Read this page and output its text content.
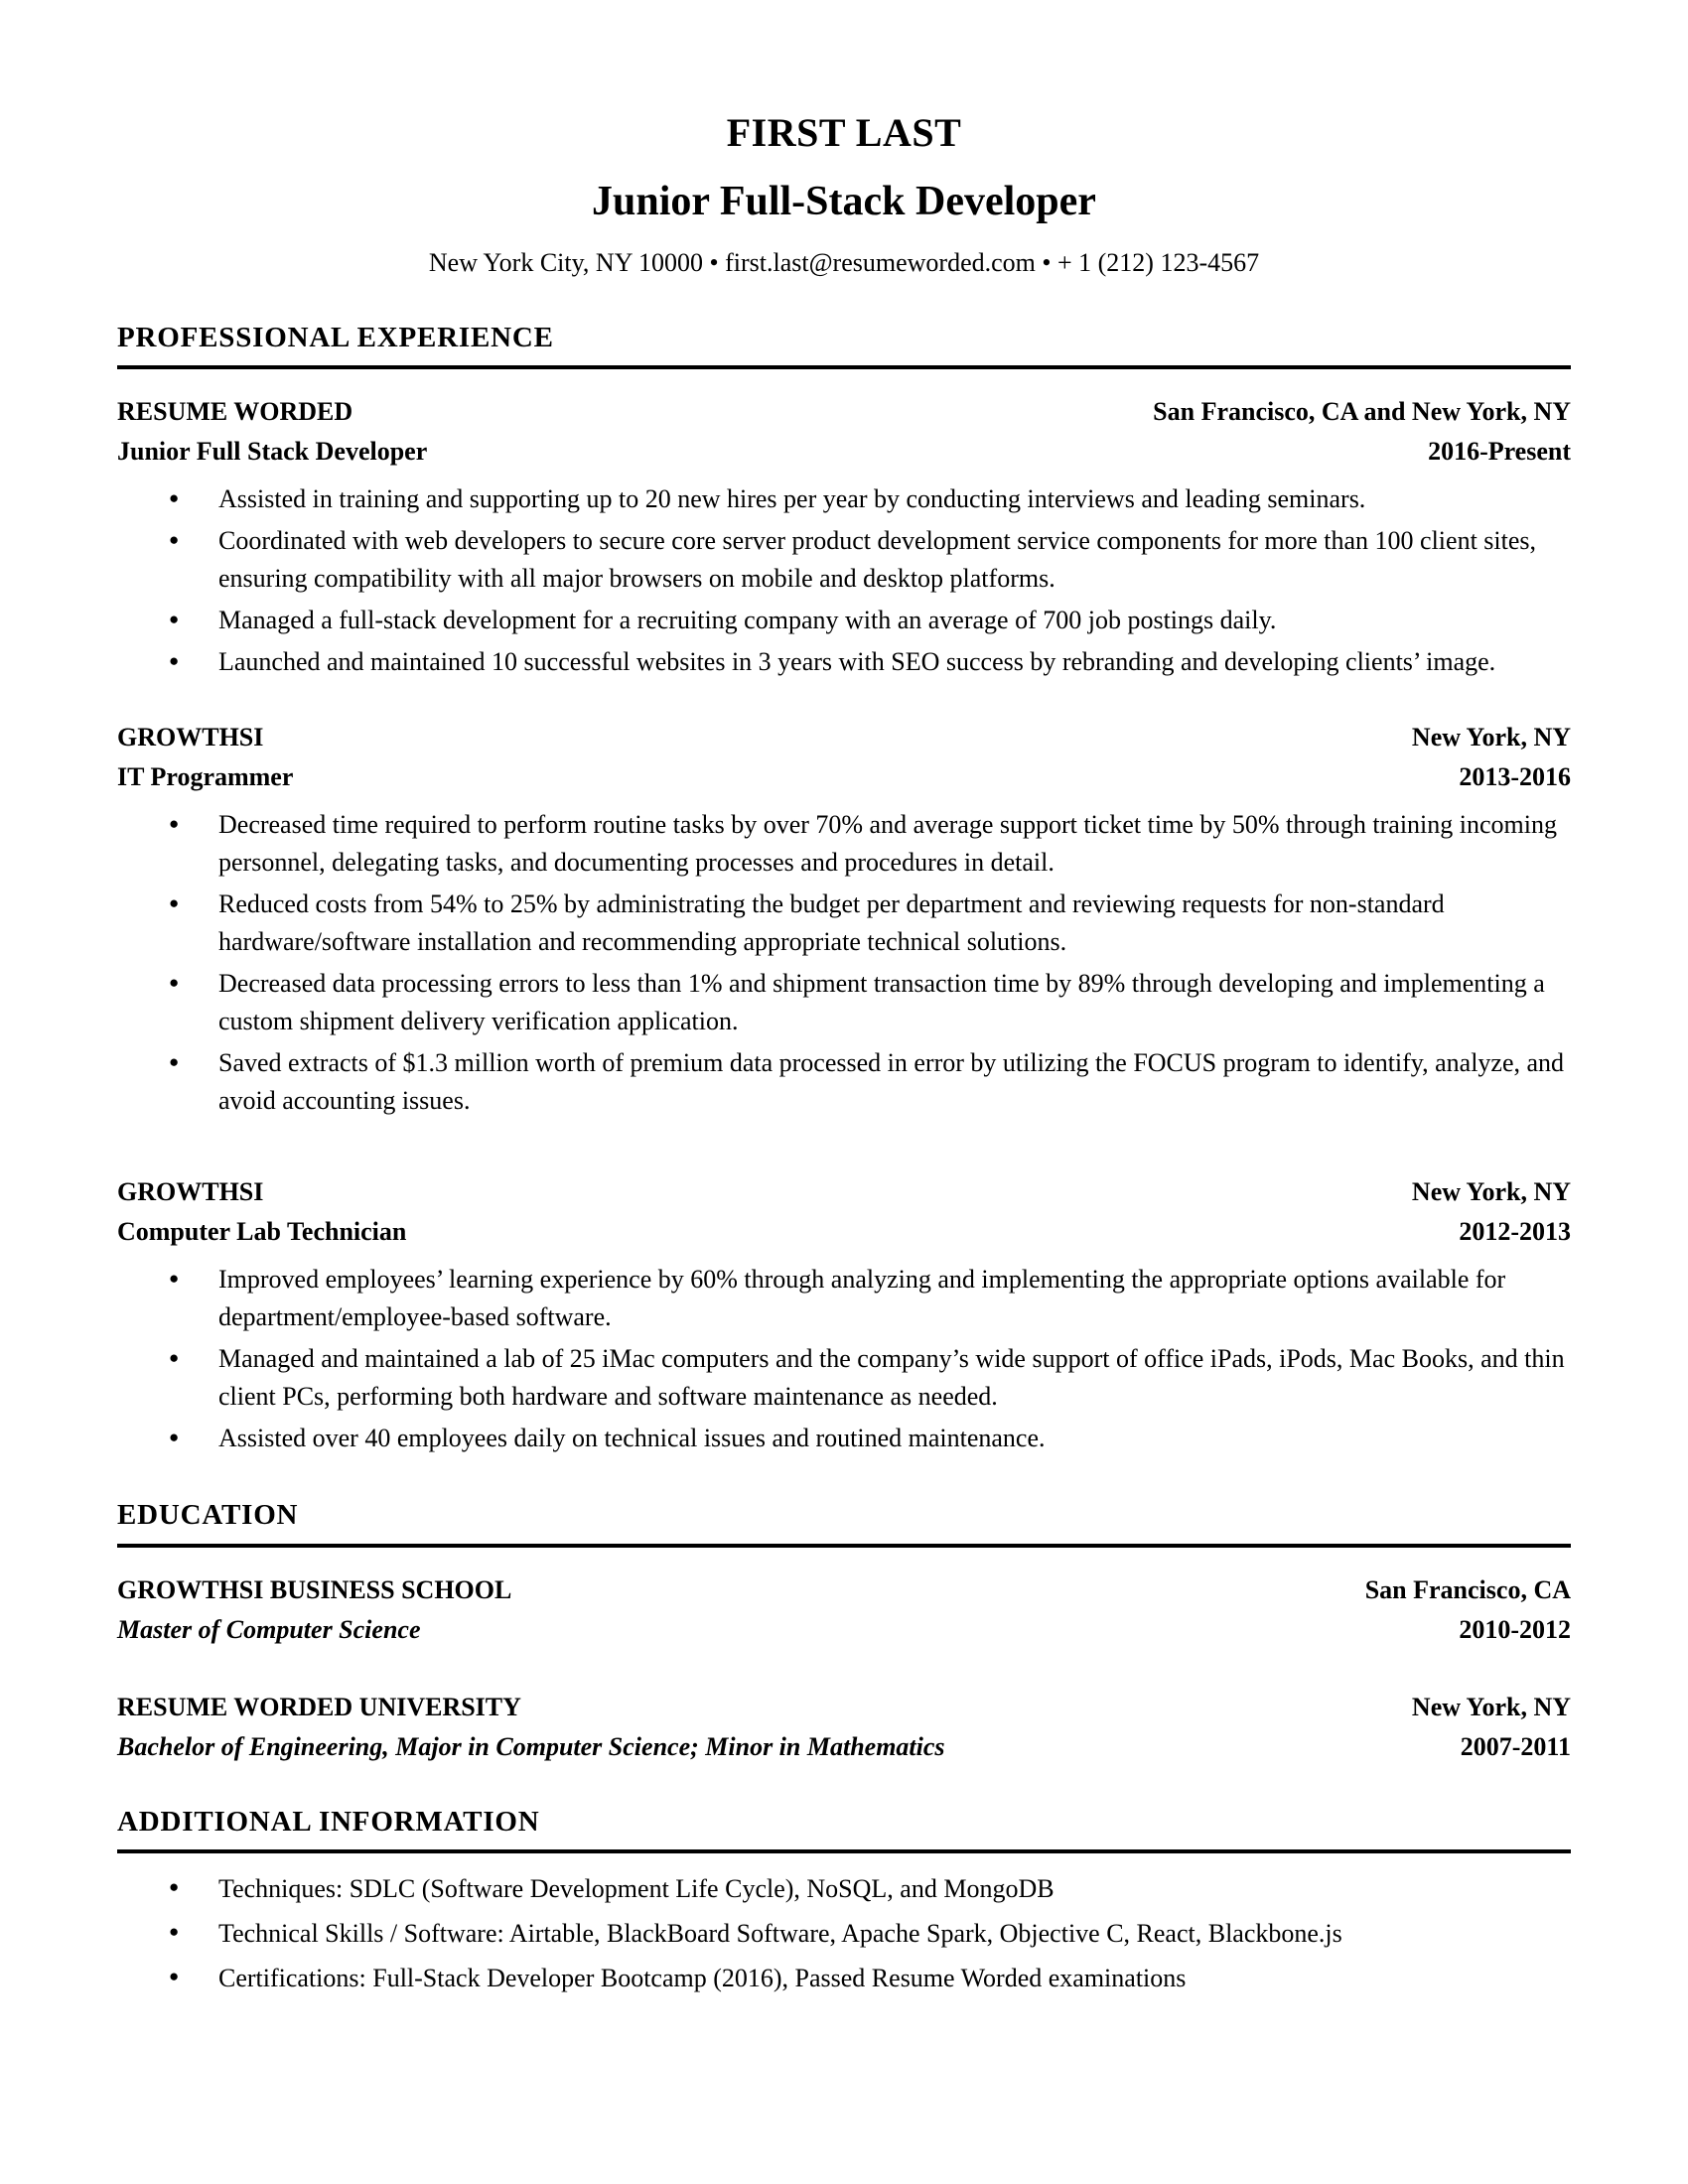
FIRST LAST
Junior Full-Stack Developer
New York City, NY 10000 • first.last@resumeworded.com • + 1 (212) 123-4567
PROFESSIONAL EXPERIENCE
RESUME WORDED	San Francisco, CA and New York, NY
Junior Full Stack Developer	2016-Present
● Assisted in training and supporting up to 20 new hires per year by conducting interviews and leading seminars.
● Coordinated with web developers to secure core server product development service components for more than 100 client sites, ensuring compatibility with all major browsers on mobile and desktop platforms.
● Managed a full-stack development for a recruiting company with an average of 700 job postings daily.
● Launched and maintained 10 successful websites in 3 years with SEO success by rebranding and developing clients’ image.
GROWTHSI	New York, NY
IT Programmer	2013-2016
● Decreased time required to perform routine tasks by over 70% and average support ticket time by 50% through training incoming personnel, delegating tasks, and documenting processes and procedures in detail.
● Reduced costs from 54% to 25% by administrating the budget per department and reviewing requests for non-standard hardware/software installation and recommending appropriate technical solutions.
● Decreased data processing errors to less than 1% and shipment transaction time by 89% through developing and implementing a custom shipment delivery verification application.
● Saved extracts of $1.3 million worth of premium data processed in error by utilizing the FOCUS program to identify, analyze, and avoid accounting issues.
GROWTHSI	New York, NY
Computer Lab Technician	2012-2013
● Improved employees’ learning experience by 60% through analyzing and implementing the appropriate options available for department/employee-based software.
● Managed and maintained a lab of 25 iMac computers and the company’s wide support of office iPads, iPods, Mac Books, and thin client PCs, performing both hardware and software maintenance as needed.
● Assisted over 40 employees daily on technical issues and routined maintenance.
EDUCATION
GROWTHSI BUSINESS SCHOOL	San Francisco, CA
Master of Computer Science	2010-2012
RESUME WORDED UNIVERSITY	New York, NY
Bachelor of Engineering, Major in Computer Science; Minor in Mathematics	2007-2011
ADDITIONAL INFORMATION
● Techniques: SDLC (Software Development Life Cycle), NoSQL, and MongoDB
● Technical Skills / Software: Airtable, BlackBoard Software, Apache Spark, Objective C, React, Blackbone.js
● Certifications: Full-Stack Developer Bootcamp (2016), Passed Resume Worded examinations
